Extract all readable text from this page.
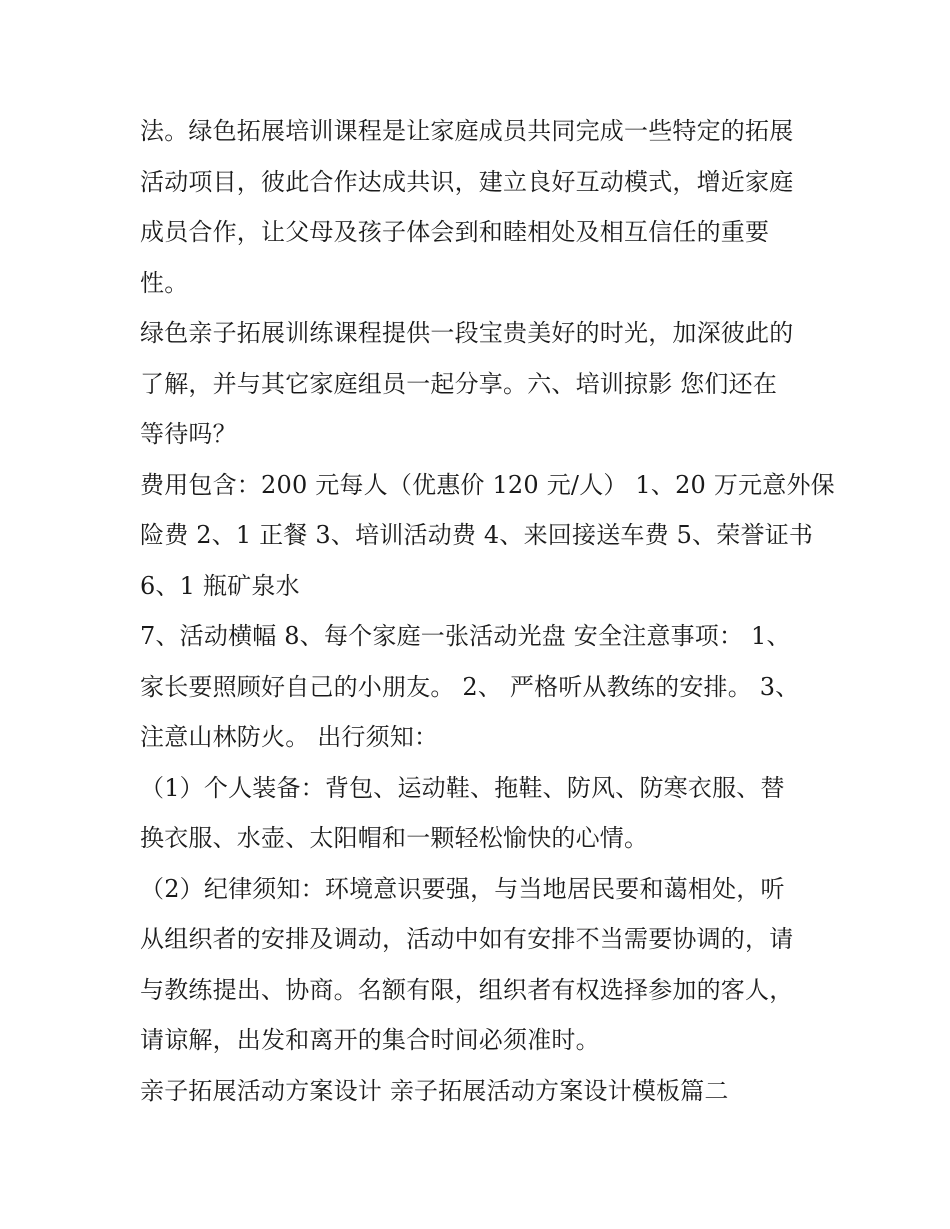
法。绿色拓展培训课程是让家庭成员共同完成一些特定的拓展
活动项目，彼此合作达成共识，建立良好互动模式，增近家庭
成员合作，让父母及孩子体会到和睦相处及相互信任的重要
性。
绿色亲子拓展训练课程提供一段宝贵美好的时光，加深彼此的
了解，并与其它家庭组员一起分享。六、培训掠影 您们还在
等待吗？
费用包含：200 元每人（优惠价 120 元/人） 1、20 万元意外保
险费 2、1 正餐 3、培训活动费 4、来回接送车费 5、荣誉证书
6、1 瓶矿泉水
7、活动横幅 8、每个家庭一张活动光盘 安全注意事项： 1、
家长要照顾好自己的小朋友。 2、 严格听从教练的安排。 3、
注意山林防火。 出行须知：
（1）个人装备：背包、运动鞋、拖鞋、防风、防寒衣服、替
换衣服、水壶、太阳帽和一颗轻松愉快的心情。
（2）纪律须知：环境意识要强，与当地居民要和蔼相处，听
从组织者的安排及调动，活动中如有安排不当需要协调的，请
与教练提出、协商。名额有限，组织者有权选择参加的客人，
请谅解，出发和离开的集合时间必须准时。
亲子拓展活动方案设计 亲子拓展活动方案设计模板篇二
